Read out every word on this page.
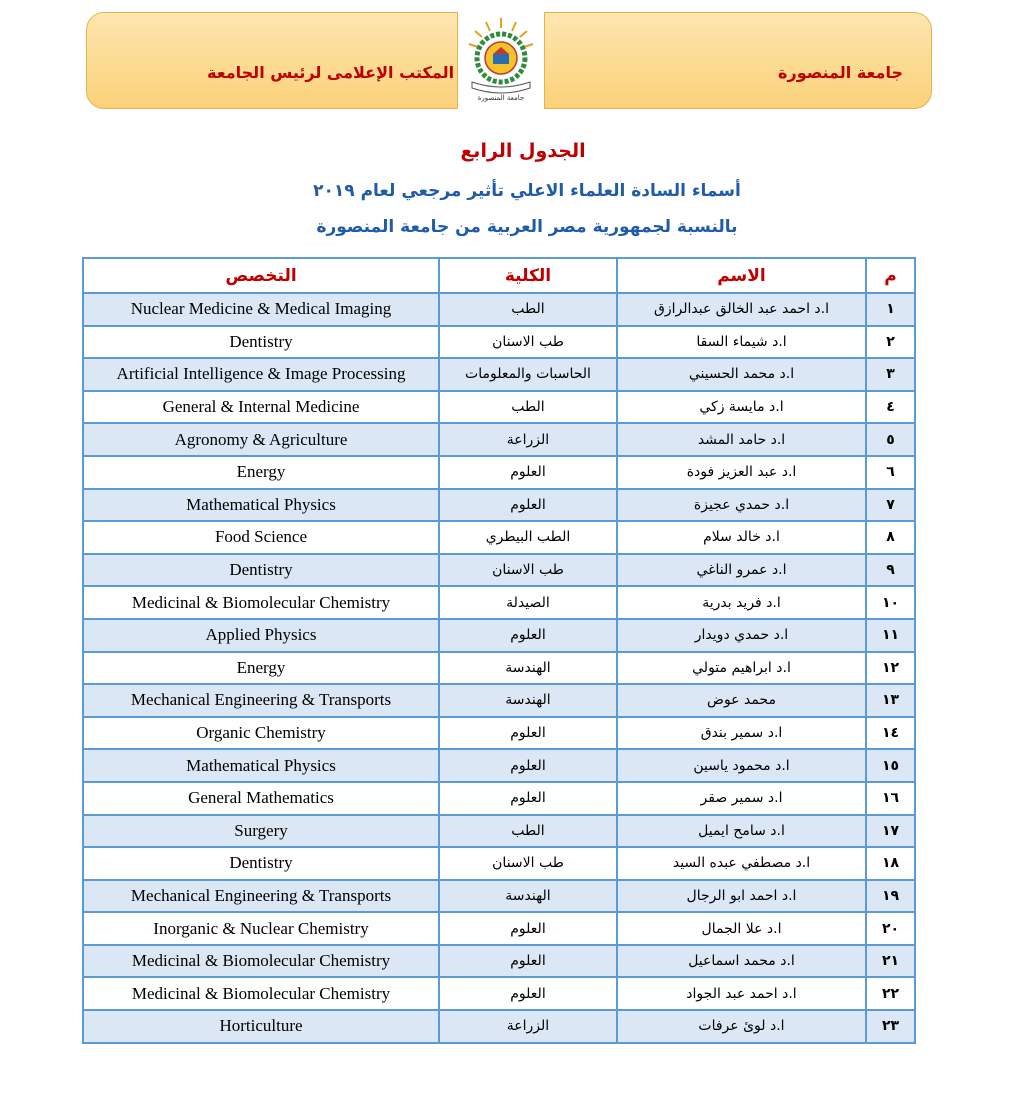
المكتب الإعلامى لرئيس الجامعة
جامعة المنصورة
جامعة المنصورة
الجدول الرابع
أسماء السادة العلماء الاعلي تأثير مرجعي لعام ٢٠١٩
بالنسبة لجمهورية مصر العربية من جامعة المنصورة
التخصص	الكلية	الاسم	م
Nuclear Medicine & Medical Imaging	الطب	ا.د احمد عبد الخالق عبدالرازق	١
Dentistry	طب الاسنان	ا.د شيماء السقا	٢
Artificial Intelligence & Image Processing	الحاسبات والمعلومات	ا.د محمد الحسيني	٣
General & Internal Medicine	الطب	ا.د مايسة زكي	٤
Agronomy & Agriculture	الزراعة	ا.د حامد المشد	٥
Energy	العلوم	ا.د عبد العزيز فودة	٦
Mathematical Physics	العلوم	ا.د حمدي عجيزة	٧
Food Science	الطب البيطري	ا.د خالد سلام	٨
Dentistry	طب الاسنان	ا.د عمرو الناغي	٩
Medicinal & Biomolecular Chemistry	الصيدلة	ا.د فريد بدرية	١٠
Applied Physics	العلوم	ا.د حمدي دويدار	١١
Energy	الهندسة	ا.د ابراهيم متولي	١٢
Mechanical Engineering & Transports	الهندسة	محمد عوض	١٣
Organic Chemistry	العلوم	ا.د سمير بندق	١٤
Mathematical Physics	العلوم	ا.د محمود ياسين	١٥
General Mathematics	العلوم	ا.د سمير صقر	١٦
Surgery	الطب	ا.د سامح ايميل	١٧
Dentistry	طب الاسنان	ا.د مصطفي عبده السيد	١٨
Mechanical Engineering & Transports	الهندسة	ا.د احمد ابو الرجال	١٩
Inorganic & Nuclear Chemistry	العلوم	ا.د علا الجمال	٢٠
Medicinal & Biomolecular Chemistry	العلوم	ا.د محمد اسماعيل	٢١
Medicinal & Biomolecular Chemistry	العلوم	ا.د احمد عبد الجواد	٢٢
Horticulture	الزراعة	ا.د لوئ عرفات	٢٣
